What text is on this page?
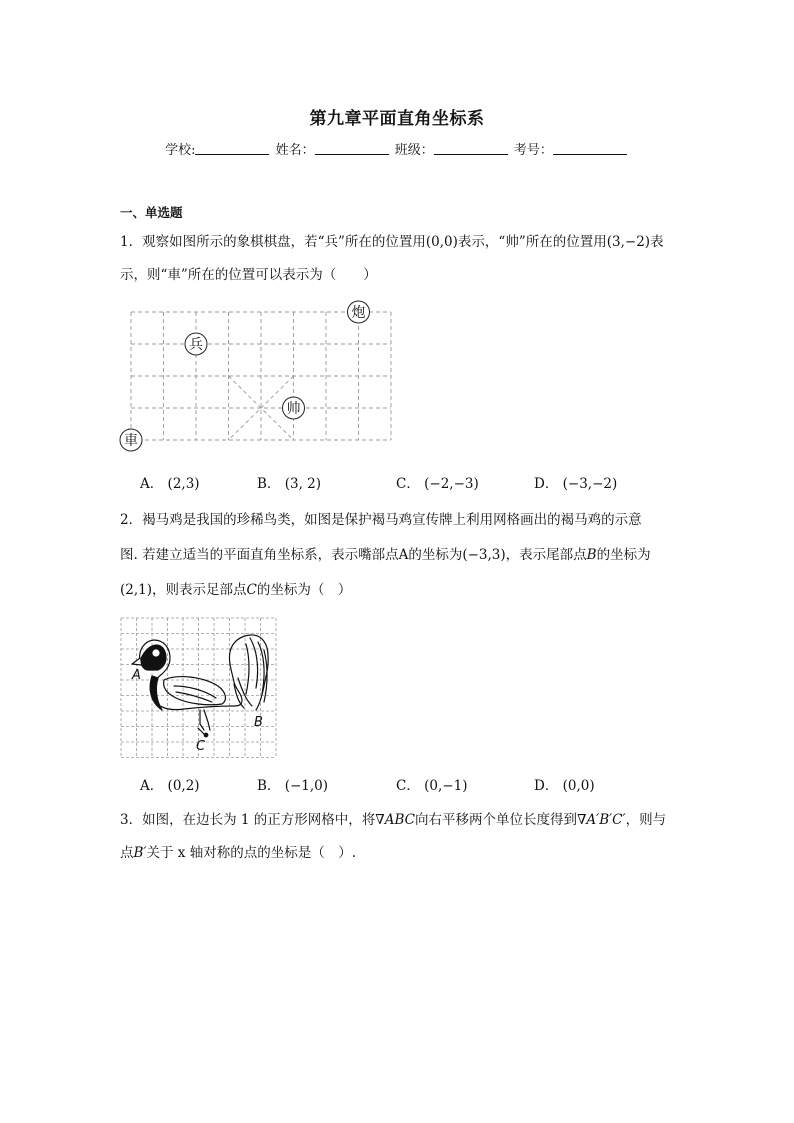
第九章平面直角坐标系
学校:	姓名：	班级：	考号：
一、单选题
1．观察如图所示的象棋棋盘，若“兵”所在的位置用(0,0)表示，“帅”所在的位置用(3,−2)表
示，则“車”所在的位置可以表示为（　　）
炮
兵
帅
車
A． (2,3)	B． (3, 2)	C． (−2,−3)	D． (−3,−2)
2．褐马鸡是我国的珍稀鸟类，如图是保护褐马鸡宣传牌上利用网格画出的褐马鸡的示意
图. 若建立适当的平面直角坐标系，表示嘴部点A的坐标为(−3,3)，表示尾部点B的坐标为
(2,1)，则表示足部点C的坐标为（　）
A
B
C
A． (0,2)	B． (−1,0)	C． (0,−1)	D． (0,0)
3．如图，在边长为 1 的正方形网格中，将∇ABC向右平移两个单位长度得到∇A′B′C′，则与
点B′关于 x 轴对称的点的坐标是（　）.
